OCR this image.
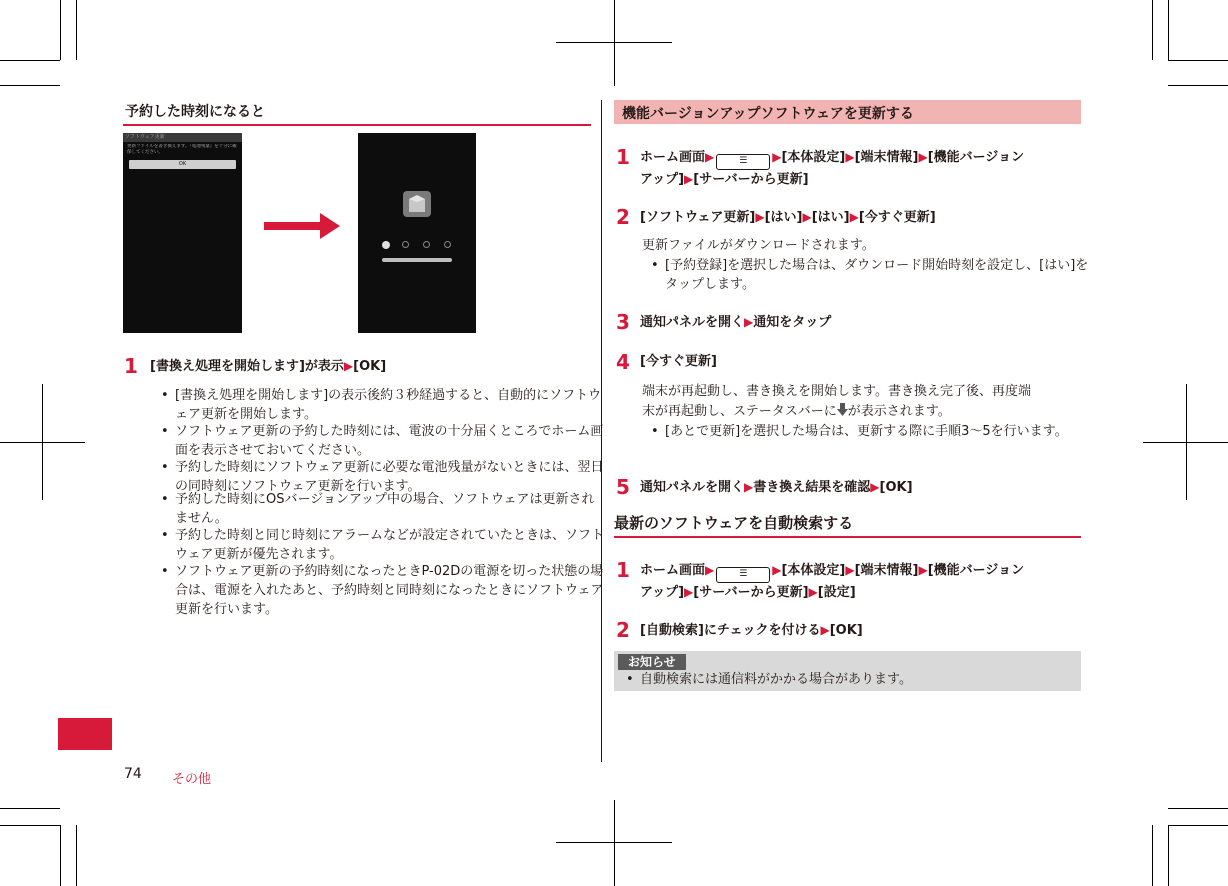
予約した時刻になると
ソフトウェア更新
更新ファイルを書き換えます。『電池残量』を十分に確保してください。
OK
1 [書換え処理を開始します]が表示▶[OK]
• [書換え処理を開始します]の表示後約３秒経過すると、自動的にソフトウェア更新を開始します。
• ソフトウェア更新の予約した時刻には、電波の十分届くところでホーム画面を表示させておいてください。
• 予約した時刻にソフトウェア更新に必要な電池残量がないときには、翌日の同時刻にソフトウェア更新を行います。
• 予約した時刻にOSバージョンアップ中の場合、ソフトウェアは更新されません。
• 予約した時刻と同じ時刻にアラームなどが設定されていたときは、ソフトウェア更新が優先されます。
• ソフトウェア更新の予約時刻になったときP-02Dの電源を切った状態の場合は、電源を入れたあと、予約時刻と同時刻になったときにソフトウェア更新を行います。
74 その他
機能バージョンアップソフトウェアを更新する
1 ホーム画面▶	☰ ▶[本体設定]▶[端末情報]▶[機能バージョン
アップ]▶[サーバーから更新]
2 [ソフトウェア更新]▶[はい]▶[はい]▶[今すぐ更新]
更新ファイルがダウンロードされます。
• [予約登録]を選択した場合は、ダウンロード開始時刻を設定し、[はい]をタップします。
3 通知パネルを開く▶通知をタップ
4 [今すぐ更新]
端末が再起動し、書き換えを開始します。書き換え完了後、再度端
末が再起動し、ステータスバーに が表示されます。
• [あとで更新]を選択した場合は、更新する際に手順3～5を行います。
5 通知パネルを開く▶書き換え結果を確認▶[OK]
最新のソフトウェアを自動検索する
1 ホーム画面▶	☰ ▶[本体設定]▶[端末情報]▶[機能バージョン
アップ]▶[サーバーから更新]▶[設定]
2 [自動検索]にチェックを付ける▶[OK]
お知らせ
• 自動検索には通信料がかかる場合があります。
